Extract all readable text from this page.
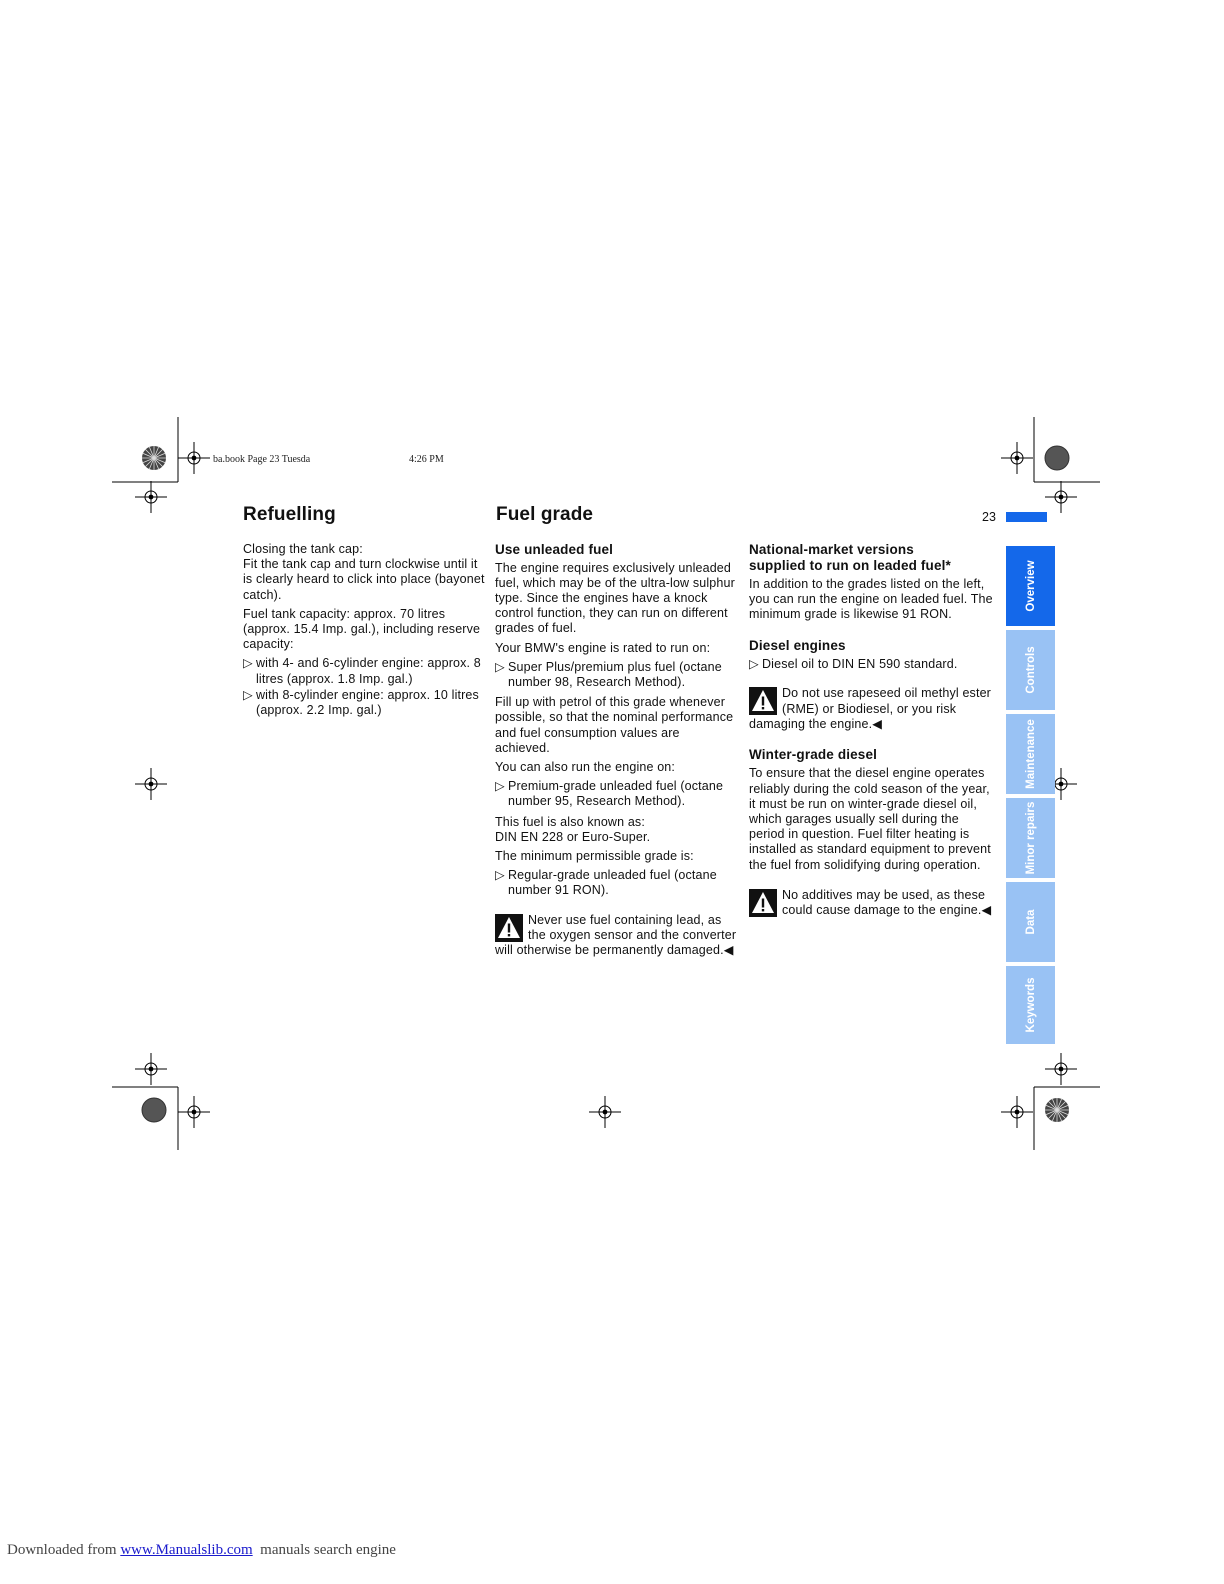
ba.book Page 23 Tuesda	4:26 PM
23
Refuelling

Closing the tank cap:

Fit the tank cap and turn clockwise until it is clearly heard to click into place (bayonet catch).

Fuel tank capacity: approx. 70 litres (approx. 15.4 Imp. gal.), including reserve capacity:

▷ with 4- and 6-cylinder engine: approx. 8 litres (approx. 1.8 Imp. gal.)
▷ with 8-cylinder engine: approx. 10 litres (approx. 2.2 Imp. gal.)
Fuel grade
Use unleaded fuel

The engine requires exclusively unleaded fuel, which may be of the ultra-low sulphur type. Since the engines have a knock control function, they can run on different grades of fuel.

Your BMW's engine is rated to run on:

▷ Super Plus/premium plus fuel (octane number 98, Research Method).

Fill up with petrol of this grade whenever possible, so that the nominal performance and fuel consumption values are achieved.

You can also run the engine on:

▷ Premium-grade unleaded fuel (octane number 95, Research Method).

This fuel is also known as:

DIN EN 228 or Euro-Super.

The minimum permissible grade is:

▷ Regular-grade unleaded fuel (octane number 91 RON).
Never use fuel containing lead, as the oxygen sensor and the converter will otherwise be permanently damaged.◀
National-market versions
supplied to run on leaded fuel*

In addition to the grades listed on the left, you can run the engine on leaded fuel. The minimum grade is likewise 91 RON.

Diesel engines
▷ Diesel oil to DIN EN 590 standard.
Do not use rapeseed oil methyl ester (RME) or Biodiesel, or you risk damaging the engine.◀
Winter-grade diesel

To ensure that the diesel engine operates reliably during the cold season of the year, it must be run on winter-grade diesel oil, which garages usually sell during the period in question. Fuel filter heating is installed as standard equipment to prevent the fuel from solidifying during operation.

No additives may be used, as these could cause damage to the engine.◀
Overview
Controls
Maintenance
Minor repairs
Data
Keywords
Downloaded from www.Manualslib.com  manuals search engine
